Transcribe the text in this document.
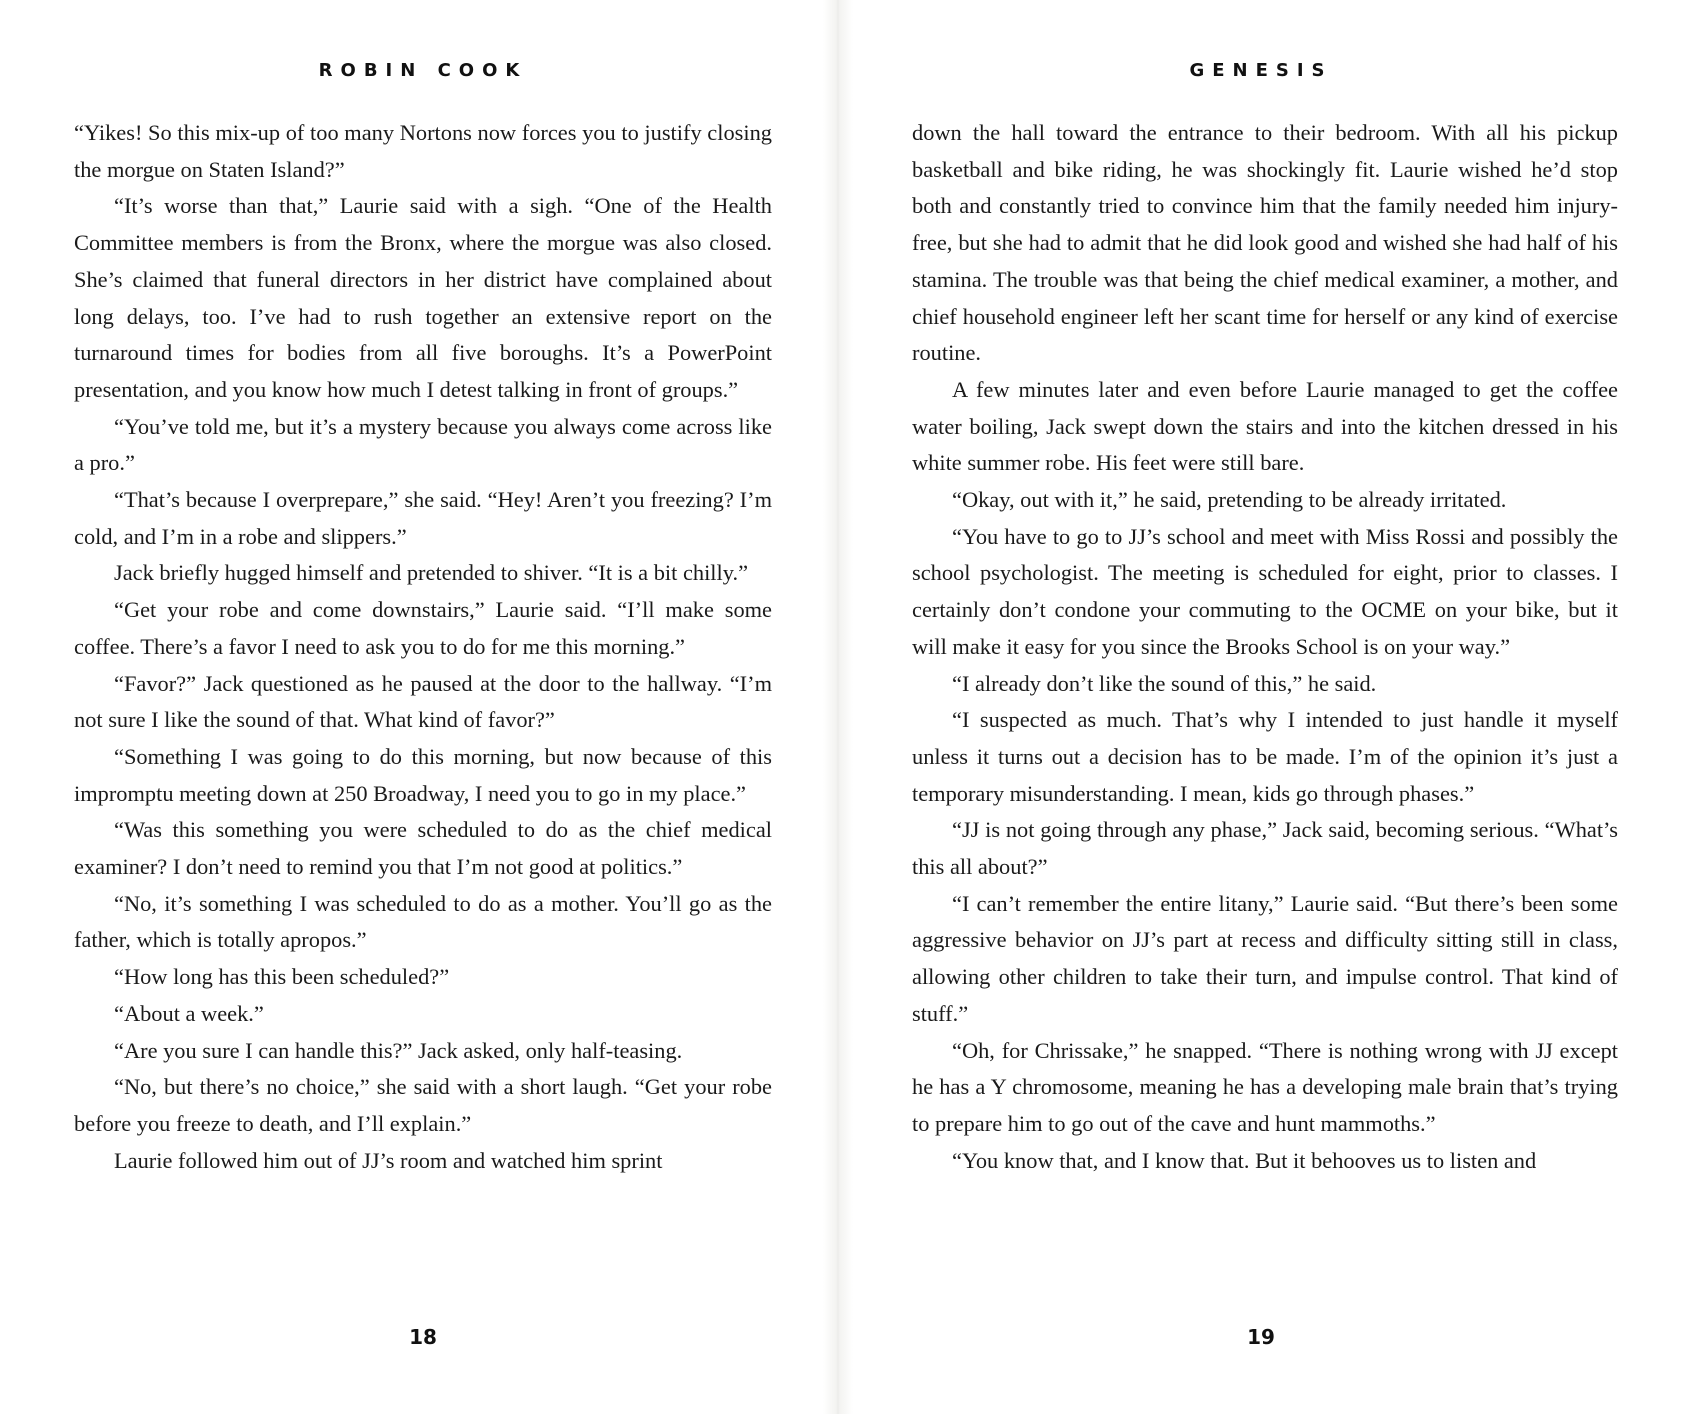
ROBIN COOK

“Yikes! So this mix-up of too many Nortons now forces you to justify closing the morgue on Staten Island?”

“It’s worse than that,” Laurie said with a sigh. “One of the Health Committee members is from the Bronx, where the morgue was also closed. She’s claimed that funeral directors in her district have complained about long delays, too. I’ve had to rush together an extensive report on the turnaround times for bodies from all five boroughs. It’s a PowerPoint presentation, and you know how much I detest talking in front of groups.”

“You’ve told me, but it’s a mystery because you always come across like a pro.”

“That’s because I overprepare,” she said. “Hey! Aren’t you freezing? I’m cold, and I’m in a robe and slippers.”

Jack briefly hugged himself and pretended to shiver. “It is a bit chilly.”

“Get your robe and come downstairs,” Laurie said. “I’ll make some coffee. There’s a favor I need to ask you to do for me this morning.”

“Favor?” Jack questioned as he paused at the door to the hallway. “I’m not sure I like the sound of that. What kind of favor?”

“Something I was going to do this morning, but now because of this impromptu meeting down at 250 Broadway, I need you to go in my place.”

“Was this something you were scheduled to do as the chief medical examiner? I don’t need to remind you that I’m not good at politics.”

“No, it’s something I was scheduled to do as a mother. You’ll go as the father, which is totally apropos.”

“How long has this been scheduled?”

“About a week.”

“Are you sure I can handle this?” Jack asked, only half-teasing.

“No, but there’s no choice,” she said with a short laugh. “Get your robe before you freeze to death, and I’ll explain.”

Laurie followed him out of JJ’s room and watched him sprint

18
GENESIS

down the hall toward the entrance to their bedroom. With all his pickup basketball and bike riding, he was shockingly fit. Laurie wished he’d stop both and constantly tried to convince him that the family needed him injury-free, but she had to admit that he did look good and wished she had half of his stamina. The trouble was that being the chief medical examiner, a mother, and chief household engineer left her scant time for herself or any kind of exercise routine.

A few minutes later and even before Laurie managed to get the coffee water boiling, Jack swept down the stairs and into the kitchen dressed in his white summer robe. His feet were still bare.

“Okay, out with it,” he said, pretending to be already irritated.

“You have to go to JJ’s school and meet with Miss Rossi and possibly the school psychologist. The meeting is scheduled for eight, prior to classes. I certainly don’t condone your commuting to the OCME on your bike, but it will make it easy for you since the Brooks School is on your way.”

“I already don’t like the sound of this,” he said.

“I suspected as much. That’s why I intended to just handle it myself unless it turns out a decision has to be made. I’m of the opinion it’s just a temporary misunderstanding. I mean, kids go through phases.”

“JJ is not going through any phase,” Jack said, becoming serious. “What’s this all about?”

“I can’t remember the entire litany,” Laurie said. “But there’s been some aggressive behavior on JJ’s part at recess and difficulty sitting still in class, allowing other children to take their turn, and impulse control. That kind of stuff.”

“Oh, for Chrissake,” he snapped. “There is nothing wrong with JJ except he has a Y chromosome, meaning he has a developing male brain that’s trying to prepare him to go out of the cave and hunt mammoths.”

“You know that, and I know that. But it behooves us to listen and

19
